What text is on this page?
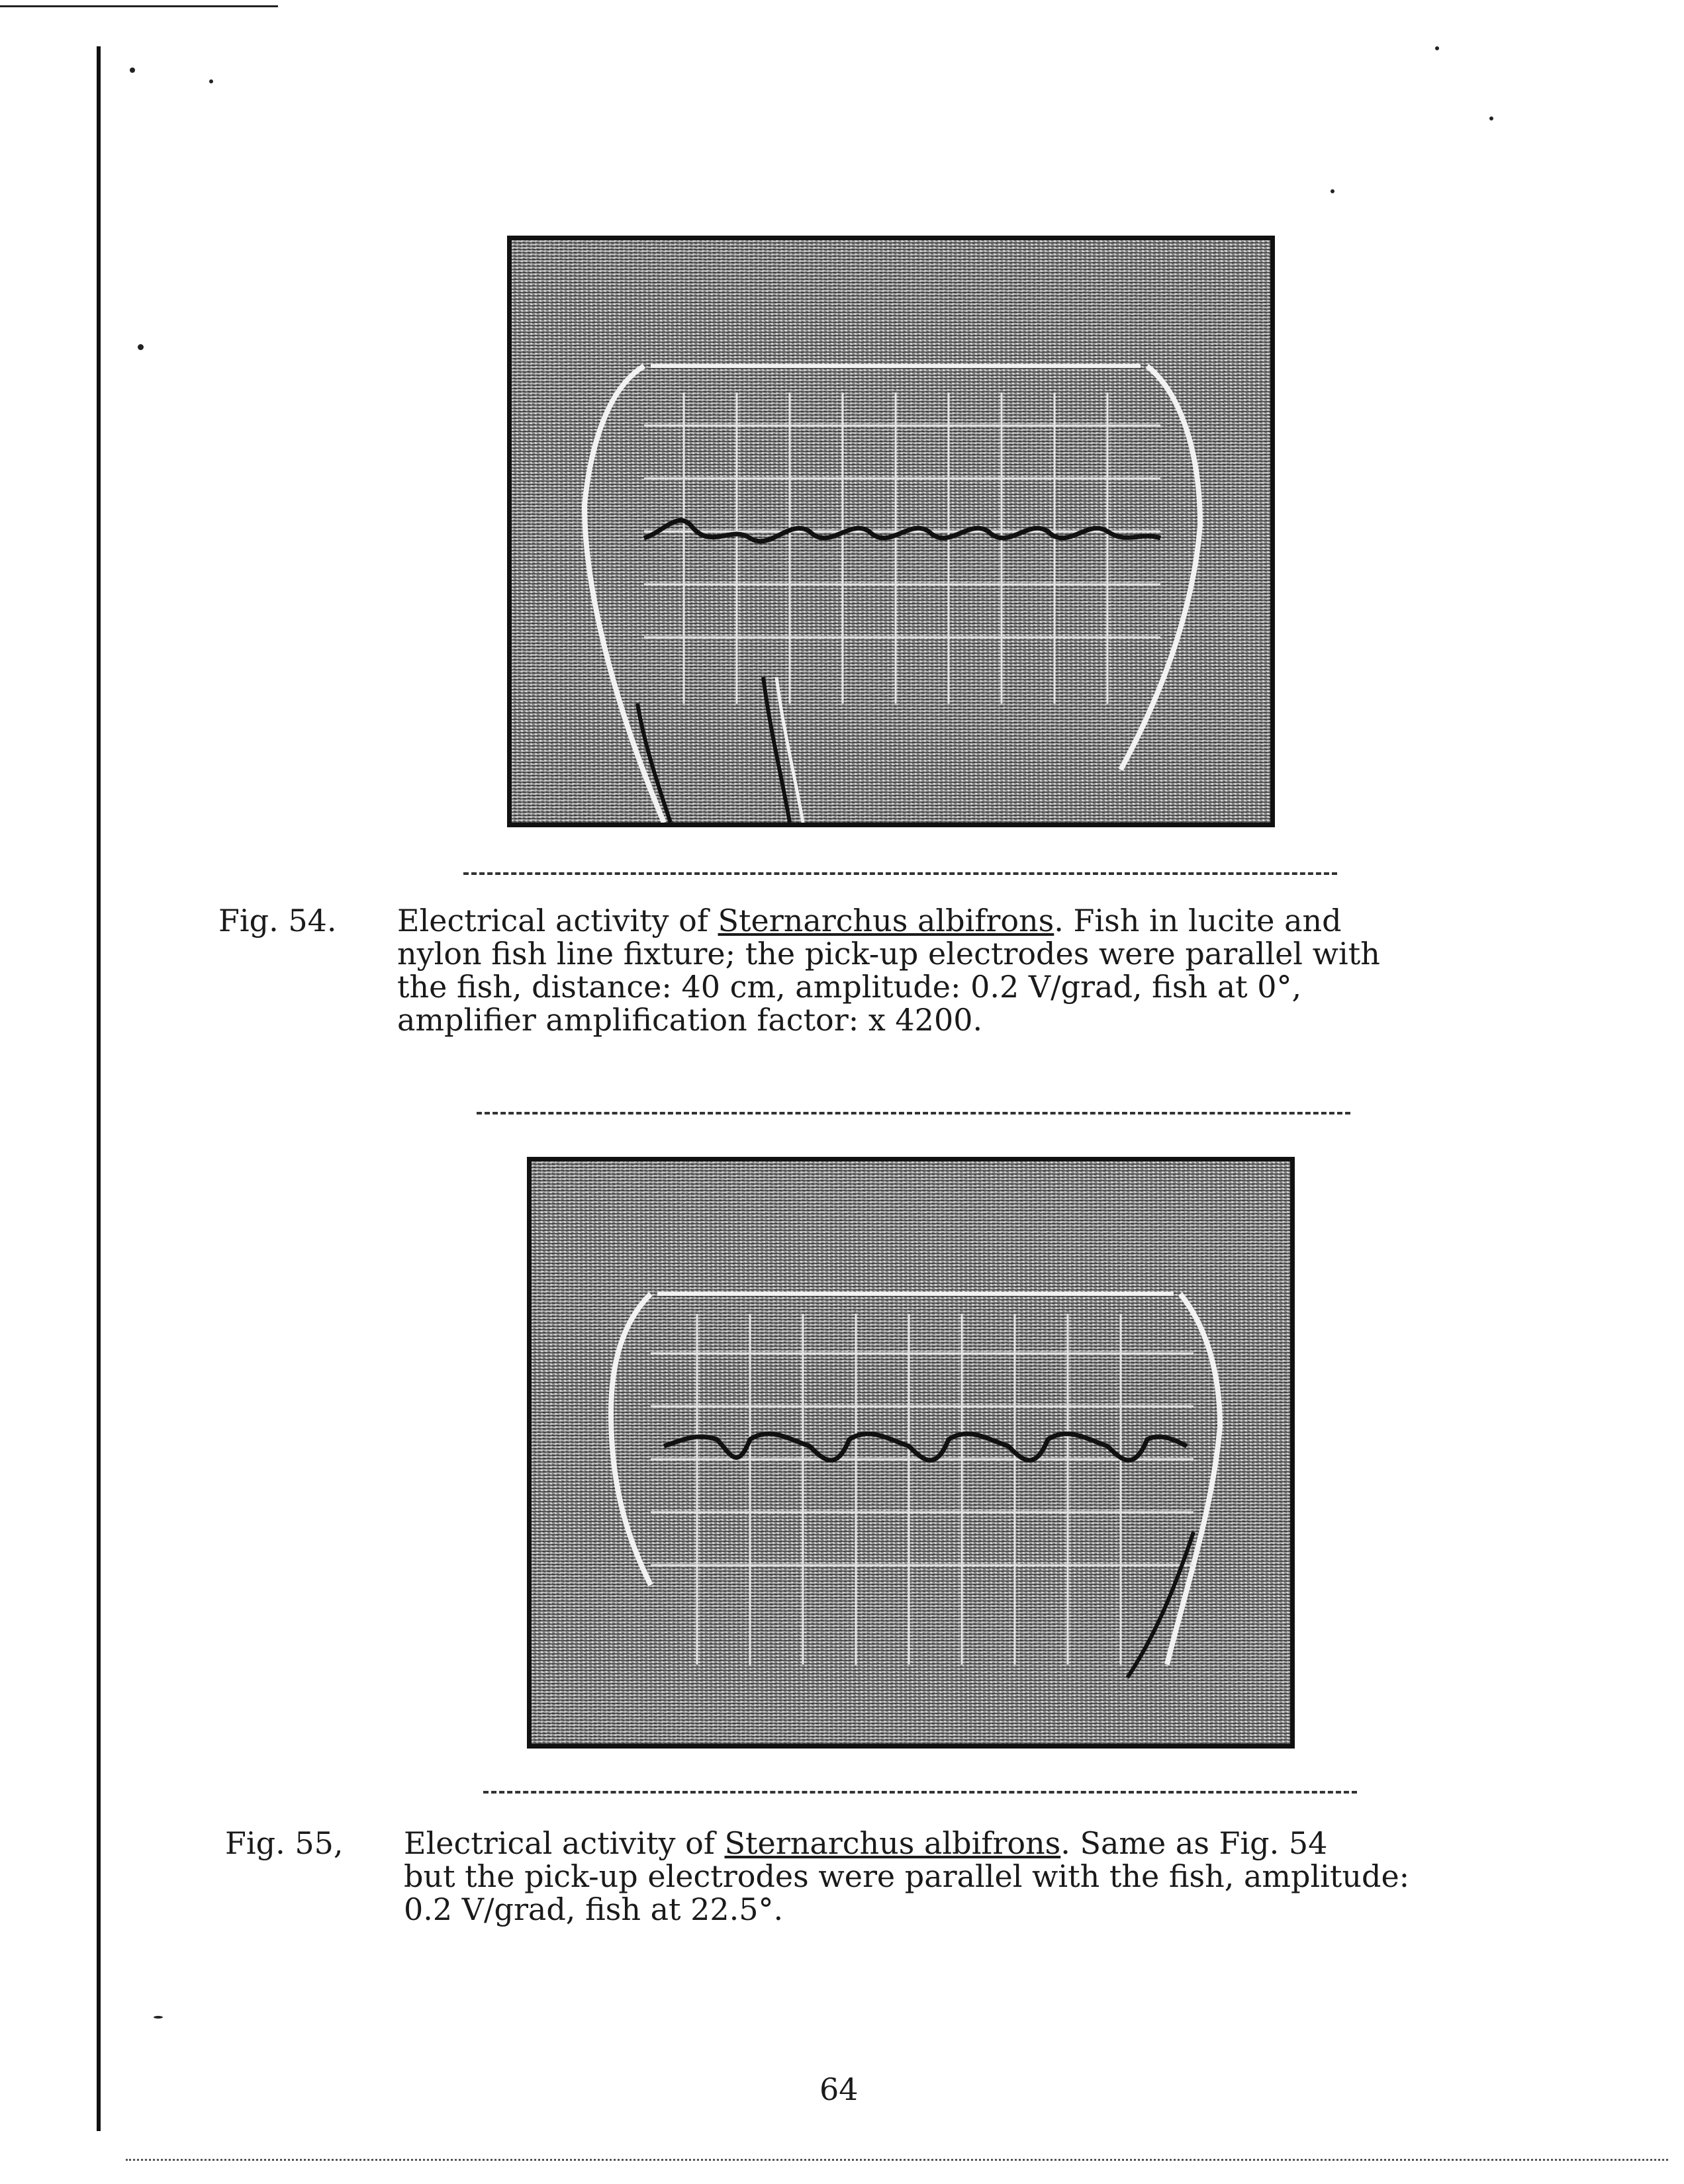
Fig. 54. Electrical activity of Sternarchus albifrons. Fish in lucite and
nylon fish line fixture; the pick-up electrodes were parallel with
the fish, distance: 40 cm, amplitude: 0.2 V/grad, fish at 0°,
amplifier amplification factor: x 4200.
Fig. 55, Electrical activity of Sternarchus albifrons. Same as Fig. 54
but the pick-up electrodes were parallel with the fish, amplitude:
0.2 V/grad, fish at 22.5°.
64
